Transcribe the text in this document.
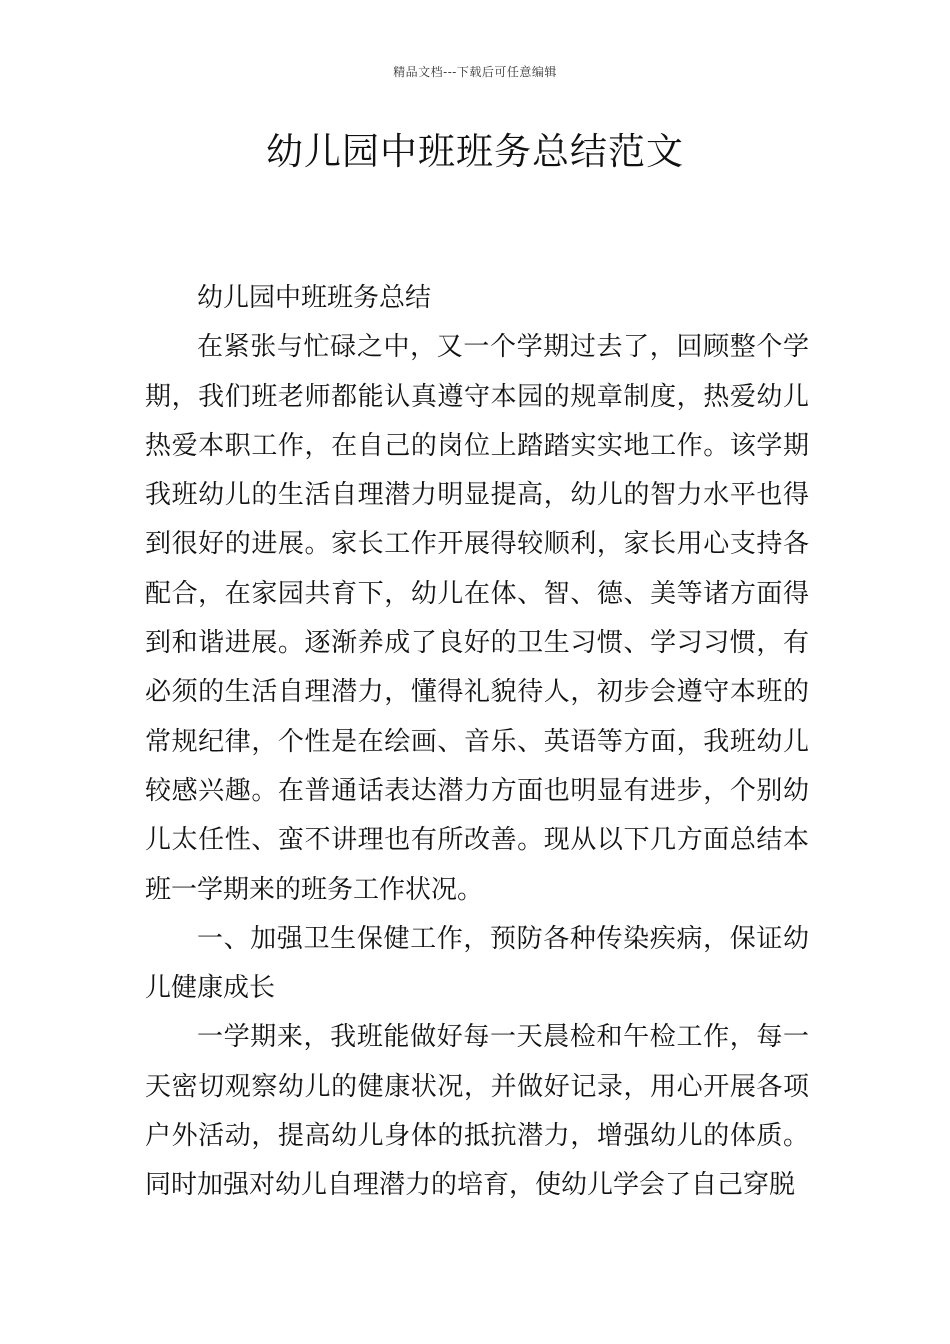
精品文档---下载后可任意编辑
幼儿园中班班务总结范文

幼儿园中班班务总结

在紧张与忙碌之中，又一个学期过去了，回顾整个学期，我们班老师都能认真遵守本园的规章制度，热爱幼儿热爱本职工作，在自己的岗位上踏踏实实地工作。该学期我班幼儿的生活自理潜力明显提高，幼儿的智力水平也得到很好的进展。家长工作开展得较顺利，家长用心支持各配合，在家园共育下，幼儿在体、智、德、美等诸方面得到和谐进展。逐渐养成了良好的卫生习惯、学习习惯，有必须的生活自理潜力，懂得礼貌待人，初步会遵守本班的常规纪律，个性是在绘画、音乐、英语等方面，我班幼儿较感兴趣。在普通话表达潜力方面也明显有进步，个别幼儿太任性、蛮不讲理也有所改善。现从以下几方面总结本班一学期来的班务工作状况。

一、加强卫生保健工作，预防各种传染疾病，保证幼儿健康成长

一学期来，我班能做好每一天晨检和午检工作，每一天密切观察幼儿的健康状况，并做好记录，用心开展各项户外活动，提高幼儿身体的抵抗潜力，增强幼儿的体质。同时加强对幼儿自理潜力的培育，使幼儿学会了自己穿脱
